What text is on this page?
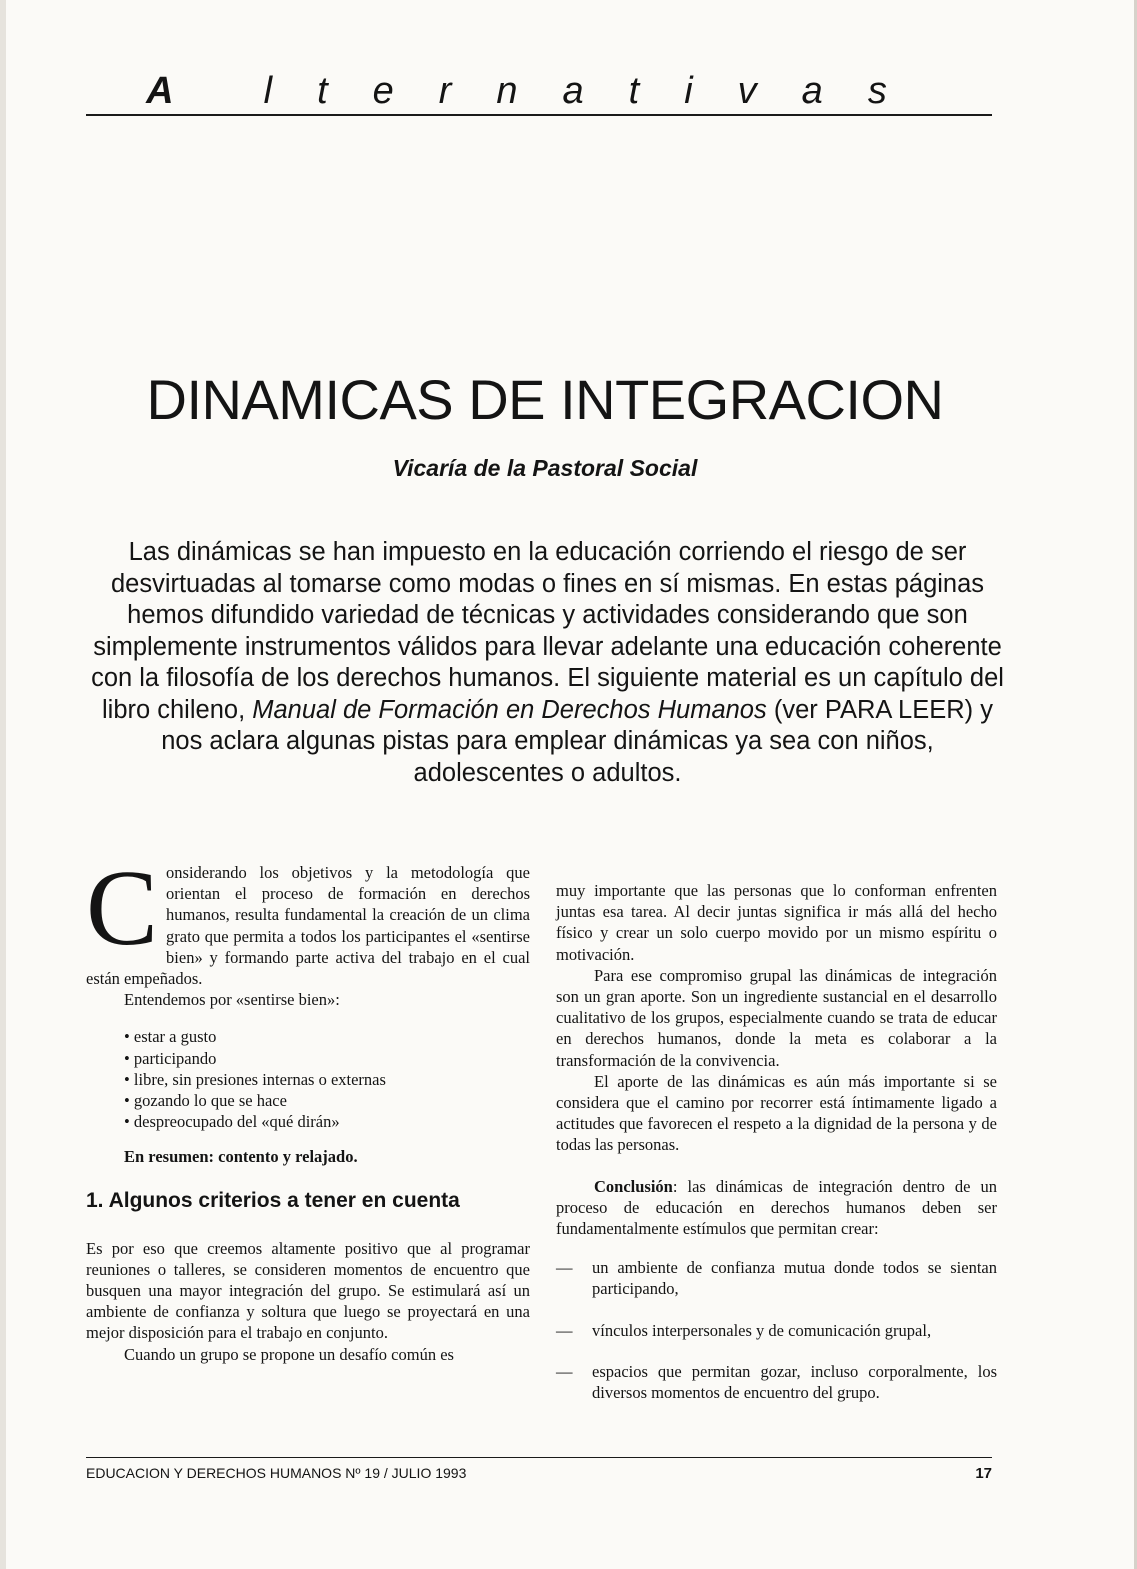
A	lternativas
DINAMICAS DE INTEGRACION

Vicaría de la Pastoral Social

Las dinámicas se han impuesto en la educación corriendo el riesgo de ser desvirtuadas al tomarse como modas o fines en sí mismas. En estas páginas hemos difundido variedad de técnicas y actividades considerando que son simplemente instrumentos válidos para llevar adelante una educación coherente con la filosofía de los derechos humanos. El siguiente material es un capítulo del libro chileno, Manual de Formación en Derechos Humanos (ver PARA LEER) y nos aclara algunas pistas para emplear dinámicas ya sea con niños, adolescentes o adultos.

Considerando los objetivos y la metodología que orientan el proceso de formación en derechos humanos, resulta fundamental la creación de un clima grato que permita a todos los participantes el «sentirse bien» y formando parte activa del trabajo en el cual están empeñados.

Entendemos por «sentirse bien»:

• estar a gusto
• participando
• libre, sin presiones internas o externas
• gozando lo que se hace
• despreocupado del «qué dirán»

En resumen: contento y relajado.

1. Algunos criterios a tener en cuenta

Es por eso que creemos altamente positivo que al programar reuniones o talleres, se consideren momentos de encuentro que busquen una mayor integración del grupo. Se estimulará así un ambiente de confianza y soltura que luego se proyectará en una mejor disposición para el trabajo en conjunto.

Cuando un grupo se propone un desafío común es

muy importante que las personas que lo conforman enfrenten juntas esa tarea. Al decir juntas significa ir más allá del hecho físico y crear un solo cuerpo movido por un mismo espíritu o motivación.

Para ese compromiso grupal las dinámicas de integración son un gran aporte. Son un ingrediente sustancial en el desarrollo cualitativo de los grupos, especialmente cuando se trata de educar en derechos humanos, donde la meta es colaborar a la transformación de la convivencia.

El aporte de las dinámicas es aún más importante si se considera que el camino por recorrer está íntimamente ligado a actitudes que favorecen el respeto a la dignidad de la persona y de todas las personas.

Conclusión: las dinámicas de integración dentro de un proceso de educación en derechos humanos deben ser fundamentalmente estímulos que permitan crear:

— un ambiente de confianza mutua donde todos se sientan participando,
— vínculos interpersonales y de comunicación grupal,
— espacios que permitan gozar, incluso corporalmente, los diversos momentos de encuentro del grupo.
EDUCACION Y DERECHOS HUMANOS Nº 19 / JULIO 1993	17
